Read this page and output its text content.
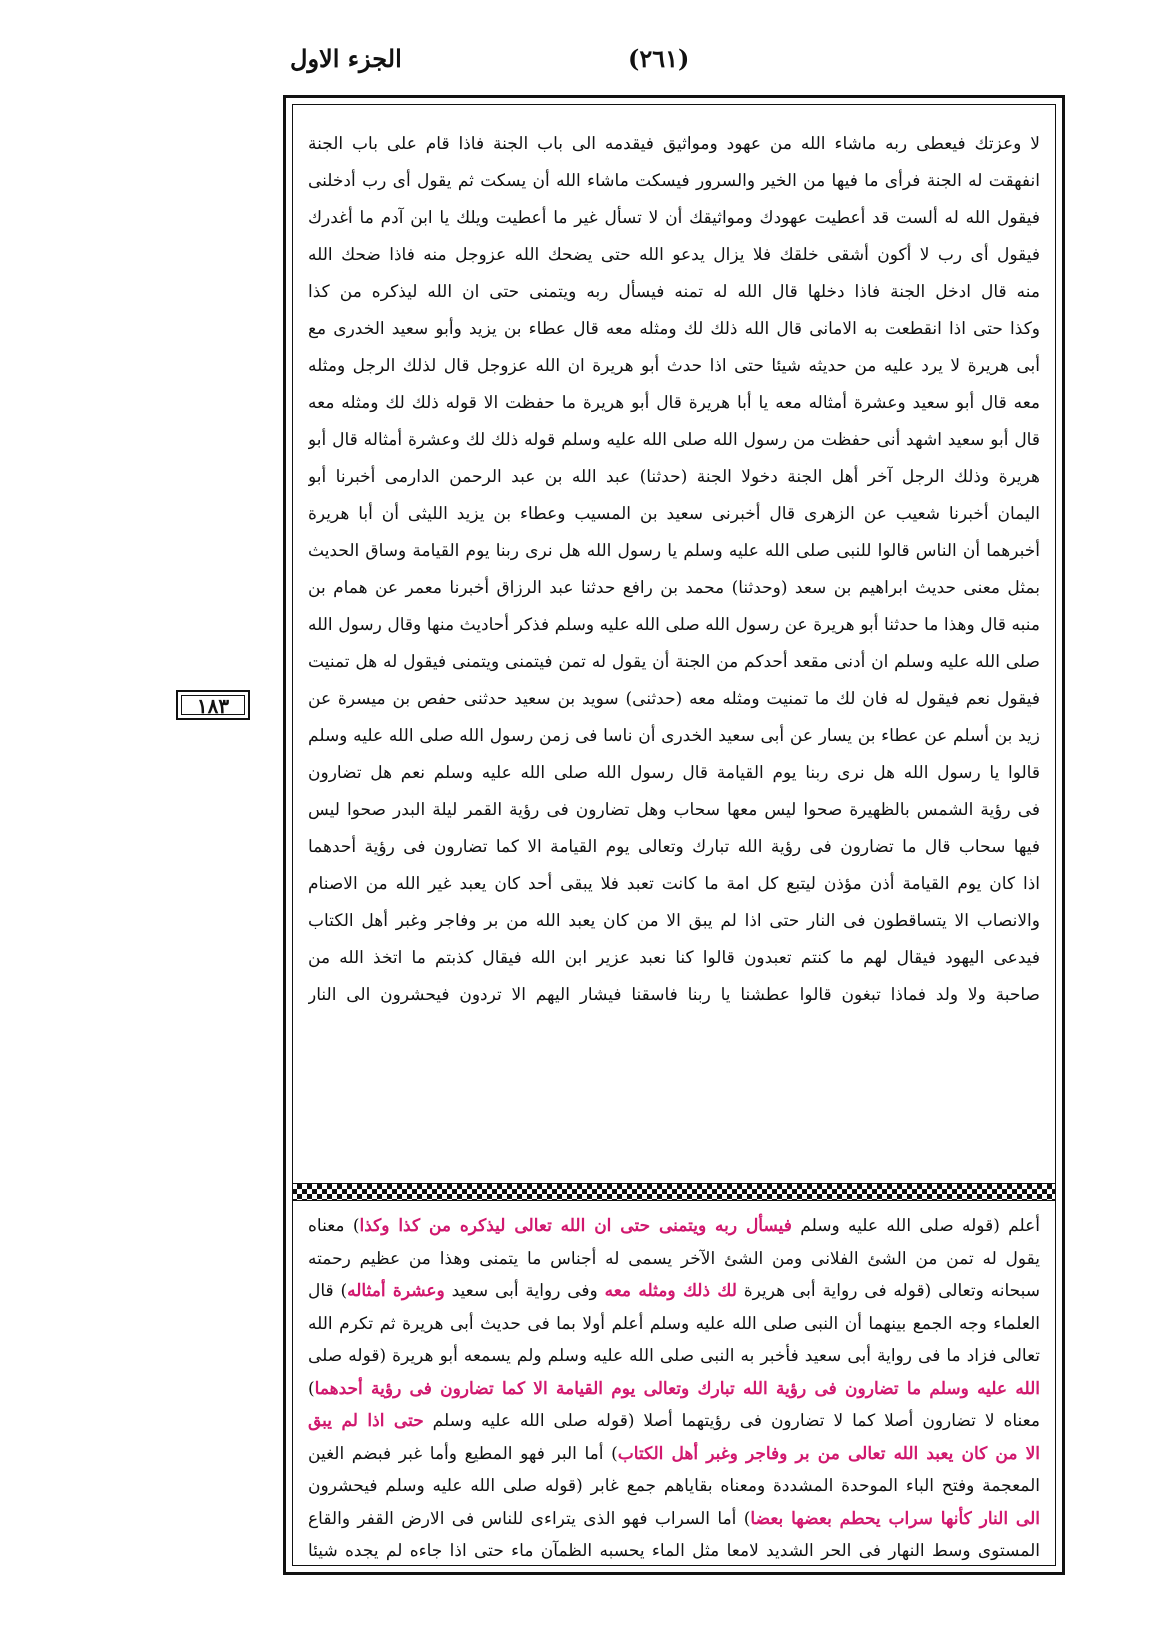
الجزء الاول	(٢٦١)
١٨٣
لا وعزتك فيعطى ربه ماشاء الله من عهود ومواثيق فيقدمه الى باب الجنة فاذا قام على باب الجنة
انفهقت له الجنة فرأى ما فيها من الخير والسرور فيسكت ماشاء الله أن يسكت ثم يقول أى رب أدخلنى
فيقول الله له ألست قد أعطيت عهودك ومواثيقك أن لا تسأل غير ما أعطيت ويلك يا ابن آدم ما أغدرك
فيقول أى رب لا أكون أشقى خلقك فلا يزال يدعو الله حتى يضحك الله عزوجل منه فاذا ضحك الله
منه قال ادخل الجنة فاذا دخلها قال الله له تمنه فيسأل ربه ويتمنى حتى ان الله ليذكره من كذا
وكذا حتى اذا انقطعت به الامانى قال الله ذلك لك ومثله معه قال عطاء بن يزيد وأبو سعيد الخدرى مع
أبى هريرة لا يرد عليه من حديثه شيئا حتى اذا حدث أبو هريرة ان الله عزوجل قال لذلك الرجل ومثله
معه قال أبو سعيد وعشرة أمثاله معه يا أبا هريرة قال أبو هريرة ما حفظت الا قوله ذلك لك ومثله معه
قال أبو سعيد اشهد أنى حفظت من رسول الله صلى الله عليه وسلم قوله ذلك لك وعشرة أمثاله قال أبو
هريرة وذلك الرجل آخر أهل الجنة دخولا الجنة (حدثنا) عبد الله بن عبد الرحمن الدارمى أخبرنا أبو
اليمان أخبرنا شعيب عن الزهرى قال أخبرنى سعيد بن المسيب وعطاء بن يزيد الليثى أن أبا هريرة
أخبرهما أن الناس قالوا للنبى صلى الله عليه وسلم يا رسول الله هل نرى ربنا يوم القيامة وساق الحديث
بمثل معنى حديث ابراهيم بن سعد (وحدثنا) محمد بن رافع حدثنا عبد الرزاق أخبرنا معمر عن همام بن
منبه قال وهذا ما حدثنا أبو هريرة عن رسول الله صلى الله عليه وسلم فذكر أحاديث منها وقال رسول الله
صلى الله عليه وسلم ان أدنى مقعد أحدكم من الجنة أن يقول له تمن فيتمنى ويتمنى فيقول له هل تمنيت
فيقول نعم فيقول له فان لك ما تمنيت ومثله معه (حدثنى) سويد بن سعيد حدثنى حفص بن ميسرة عن
زيد بن أسلم عن عطاء بن يسار عن أبى سعيد الخدرى أن ناسا فى زمن رسول الله صلى الله عليه وسلم
قالوا يا رسول الله هل نرى ربنا يوم القيامة قال رسول الله صلى الله عليه وسلم نعم هل تضارون
فى رؤية الشمس بالظهيرة صحوا ليس معها سحاب وهل تضارون فى رؤية القمر ليلة البدر صحوا ليس
فيها سحاب قال ما تضارون فى رؤية الله تبارك وتعالى يوم القيامة الا كما تضارون فى رؤية أحدهما
اذا كان يوم القيامة أذن مؤذن ليتبع كل امة ما كانت تعبد فلا يبقى أحد كان يعبد غير الله من الاصنام
والانصاب الا يتساقطون فى النار حتى اذا لم يبق الا من كان يعبد الله من بر وفاجر وغبر أهل الكتاب
فيدعى اليهود فيقال لهم ما كنتم تعبدون قالوا كنا نعبد عزير ابن الله فيقال كذبتم ما اتخذ الله من
صاحبة ولا ولد فماذا تبغون قالوا عطشنا يا ربنا فاسقنا فيشار اليهم الا تردون فيحشرون الى النار
أعلم (قوله صلى الله عليه وسلم فيسأل ربه ويتمنى حتى ان الله تعالى ليذكره من كذا وكذا) معناه
يقول له تمن من الشئ الفلانى ومن الشئ الآخر يسمى له أجناس ما يتمنى وهذا من عظيم رحمته
سبحانه وتعالى (قوله فى رواية أبى هريرة لك ذلك ومثله معه وفى رواية أبى سعيد وعشرة أمثاله) قال
العلماء وجه الجمع بينهما أن النبى صلى الله عليه وسلم أعلم أولا بما فى حديث أبى هريرة ثم تكرم الله
تعالى فزاد ما فى رواية أبى سعيد فأخبر به النبى صلى الله عليه وسلم ولم يسمعه أبو هريرة (قوله صلى
الله عليه وسلم ما تضارون فى رؤية الله تبارك وتعالى يوم القيامة الا كما تضارون فى رؤية أحدهما)
معناه لا تضارون أصلا كما لا تضارون فى رؤيتهما أصلا (قوله صلى الله عليه وسلم حتى اذا لم يبق
الا من كان يعبد الله تعالى من بر وفاجر وغبر أهل الكتاب) أما البر فهو المطيع وأما غبر فبضم الغين
المعجمة وفتح الباء الموحدة المشددة ومعناه بقاياهم جمع غابر (قوله صلى الله عليه وسلم فيحشرون
الى النار كأنها سراب يحطم بعضها بعضا) أما السراب فهو الذى يتراءى للناس فى الارض القفر والقاع
المستوى وسط النهار فى الحر الشديد لامعا مثل الماء يحسبه الظمآن ماء حتى اذا جاءه لم يجده شيئا
